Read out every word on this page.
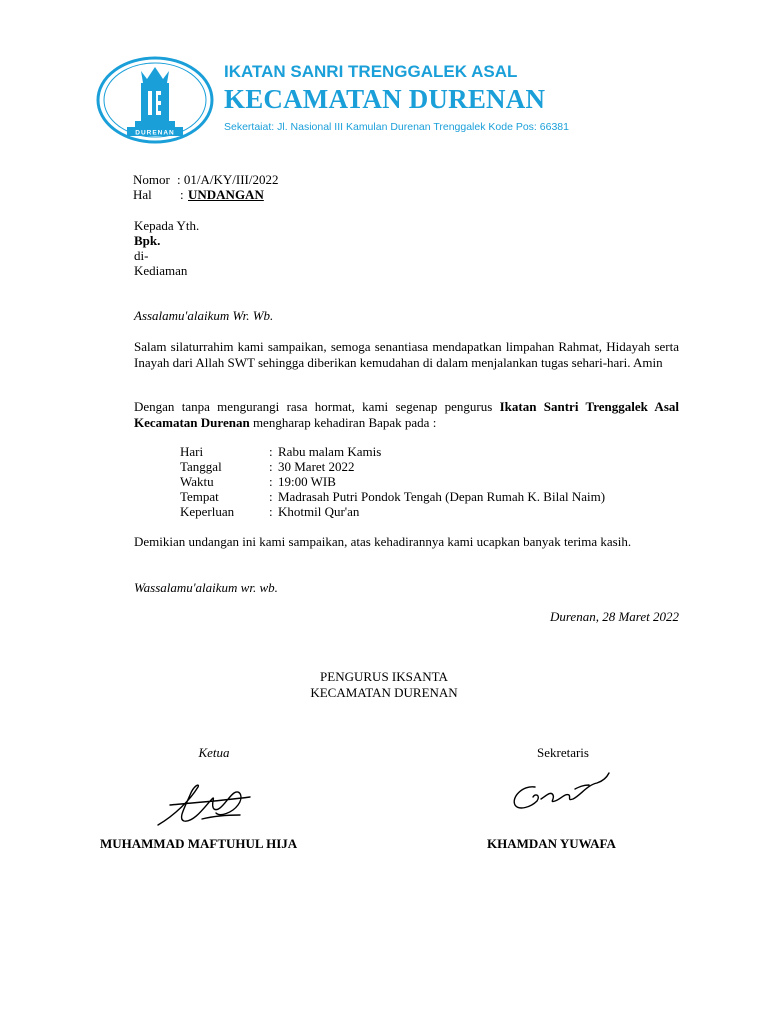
DURENAN
IKATAN SANRI TRENGGALEK ASAL
KECAMATAN DURENAN
Sekertaiat: Jl. Nasional III Kamulan Durenan Trenggalek Kode Pos: 66381
Nomor : 01/A/KY/III/2022
Hal : UNDANGAN
Kepada Yth.
Bpk.
di-
Kediaman
Assalamu'alaikum Wr. Wb.
Salam silaturrahim kami sampaikan, semoga senantiasa mendapatkan limpahan Rahmat, Hidayah serta Inayah dari Allah SWT sehingga diberikan kemudahan di dalam menjalankan tugas sehari-hari. Amin
Dengan tanpa mengurangi rasa hormat, kami segenap pengurus Ikatan Santri Trenggalek Asal Kecamatan Durenan mengharap kehadiran Bapak pada :
Hari	: Rabu malam Kamis
Tanggal	: 30 Maret 2022
Waktu	: 19:00 WIB
Tempat	: Madrasah Putri Pondok Tengah (Depan Rumah K. Bilal Naim)
Keperluan	: Khotmil Qur'an
Demikian undangan ini kami sampaikan, atas kehadirannya kami ucapkan banyak terima kasih.
Wassalamu'alaikum wr. wb.
Durenan, 28 Maret 2022
PENGURUS IKSANTA
KECAMATAN DURENAN
Ketua	Sekretaris
MUHAMMAD MAFTUHUL HIJA	KHAMDAN YUWAFA
